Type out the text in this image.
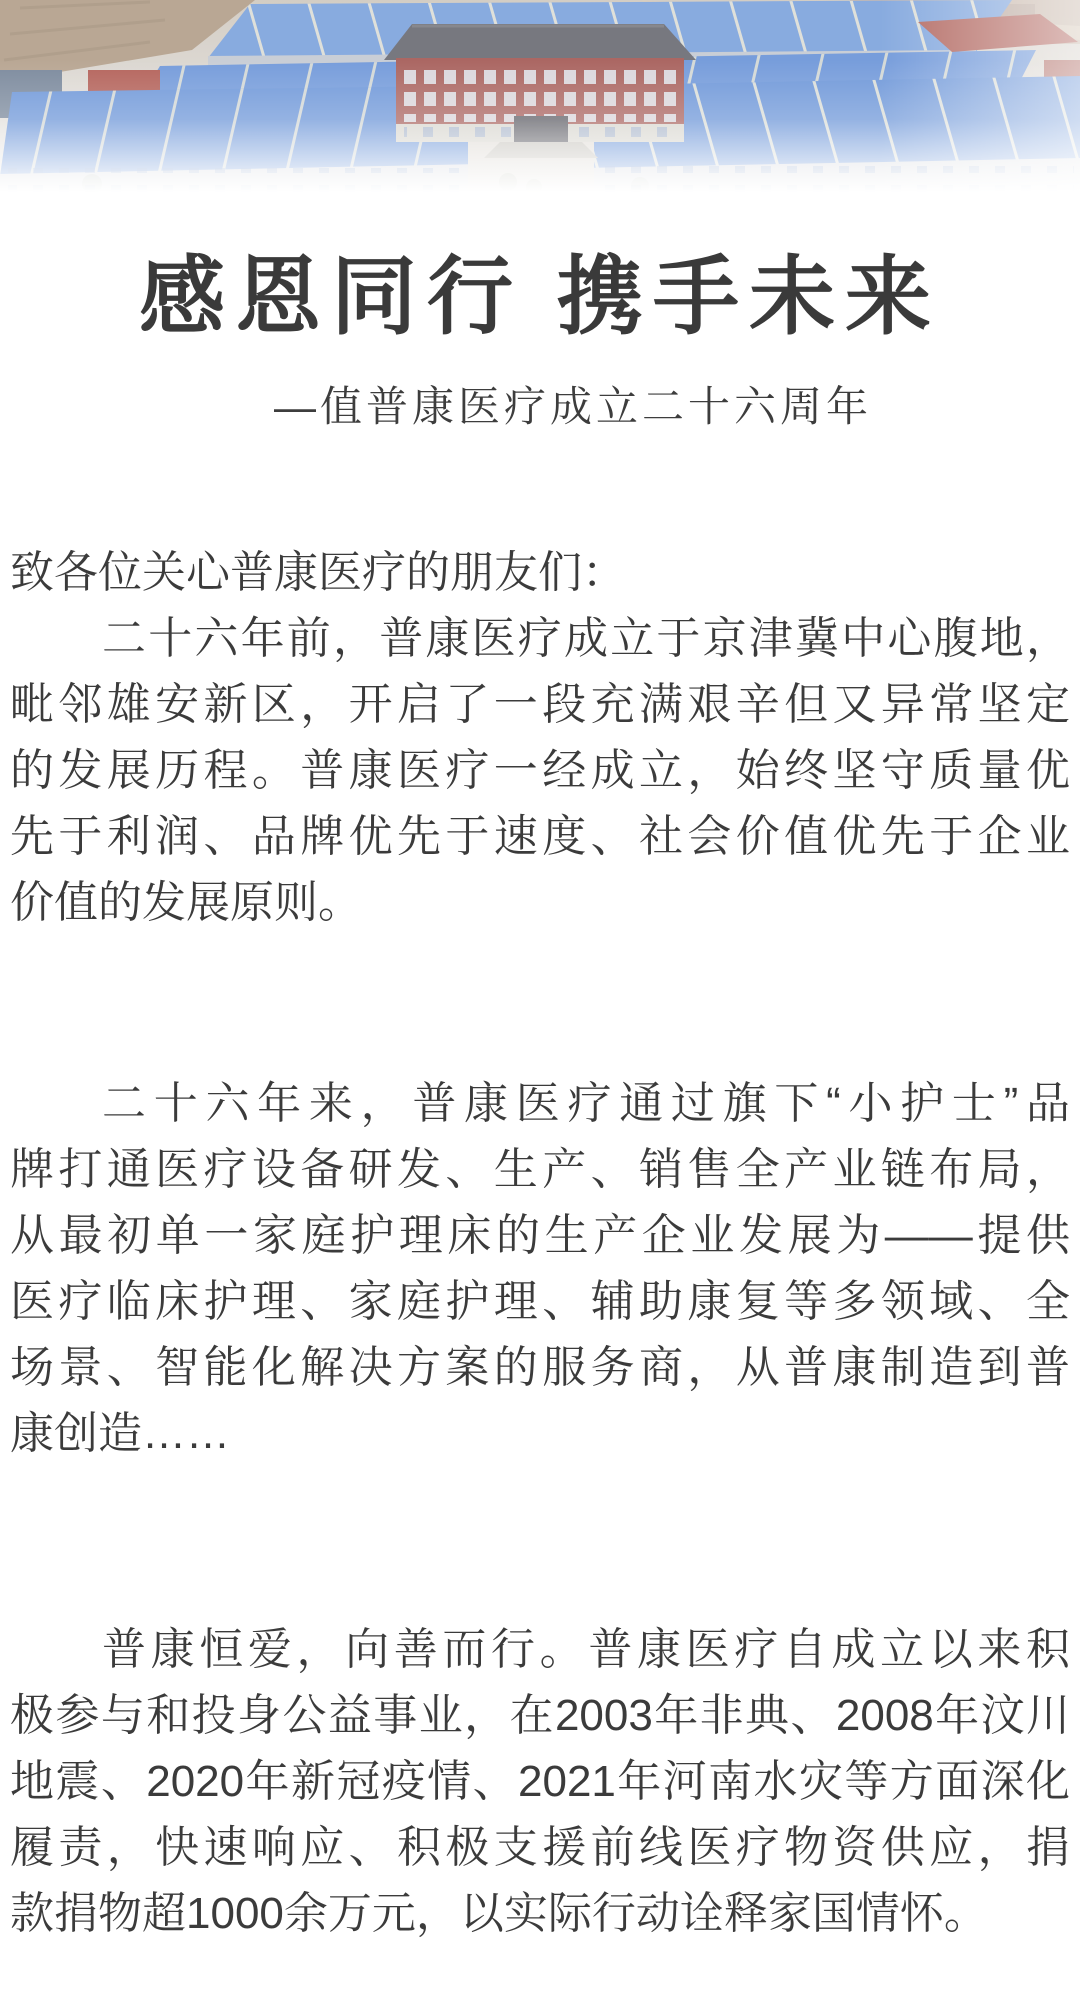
感恩同行 携手未来
—值普康医疗成立二十六周年
致各位关心普康医疗的朋友们：
二十六年前，普康医疗成立于京津冀中心腹地，
毗邻雄安新区，开启了一段充满艰辛但又异常坚定
的发展历程。普康医疗一经成立，始终坚守质量优
先于利润、品牌优先于速度、社会价值优先于企业
价值的发展原则。
二十六年来，普康医疗通过旗下“小护士”品
牌打通医疗设备研发、生产、销售全产业链布局，
从最初单一家庭护理床的生产企业发展为——提供
医疗临床护理、家庭护理、辅助康复等多领域、全
场景、智能化解决方案的服务商，从普康制造到普
康创造……
普康恒爱，向善而行。普康医疗自成立以来积
极参与和投身公益事业，在2003年非典、2008年汶川
地震、2020年新冠疫情、2021年河南水灾等方面深化
履责，快速响应、积极支援前线医疗物资供应，捐
款捐物超1000余万元，以实际行动诠释家国情怀。
